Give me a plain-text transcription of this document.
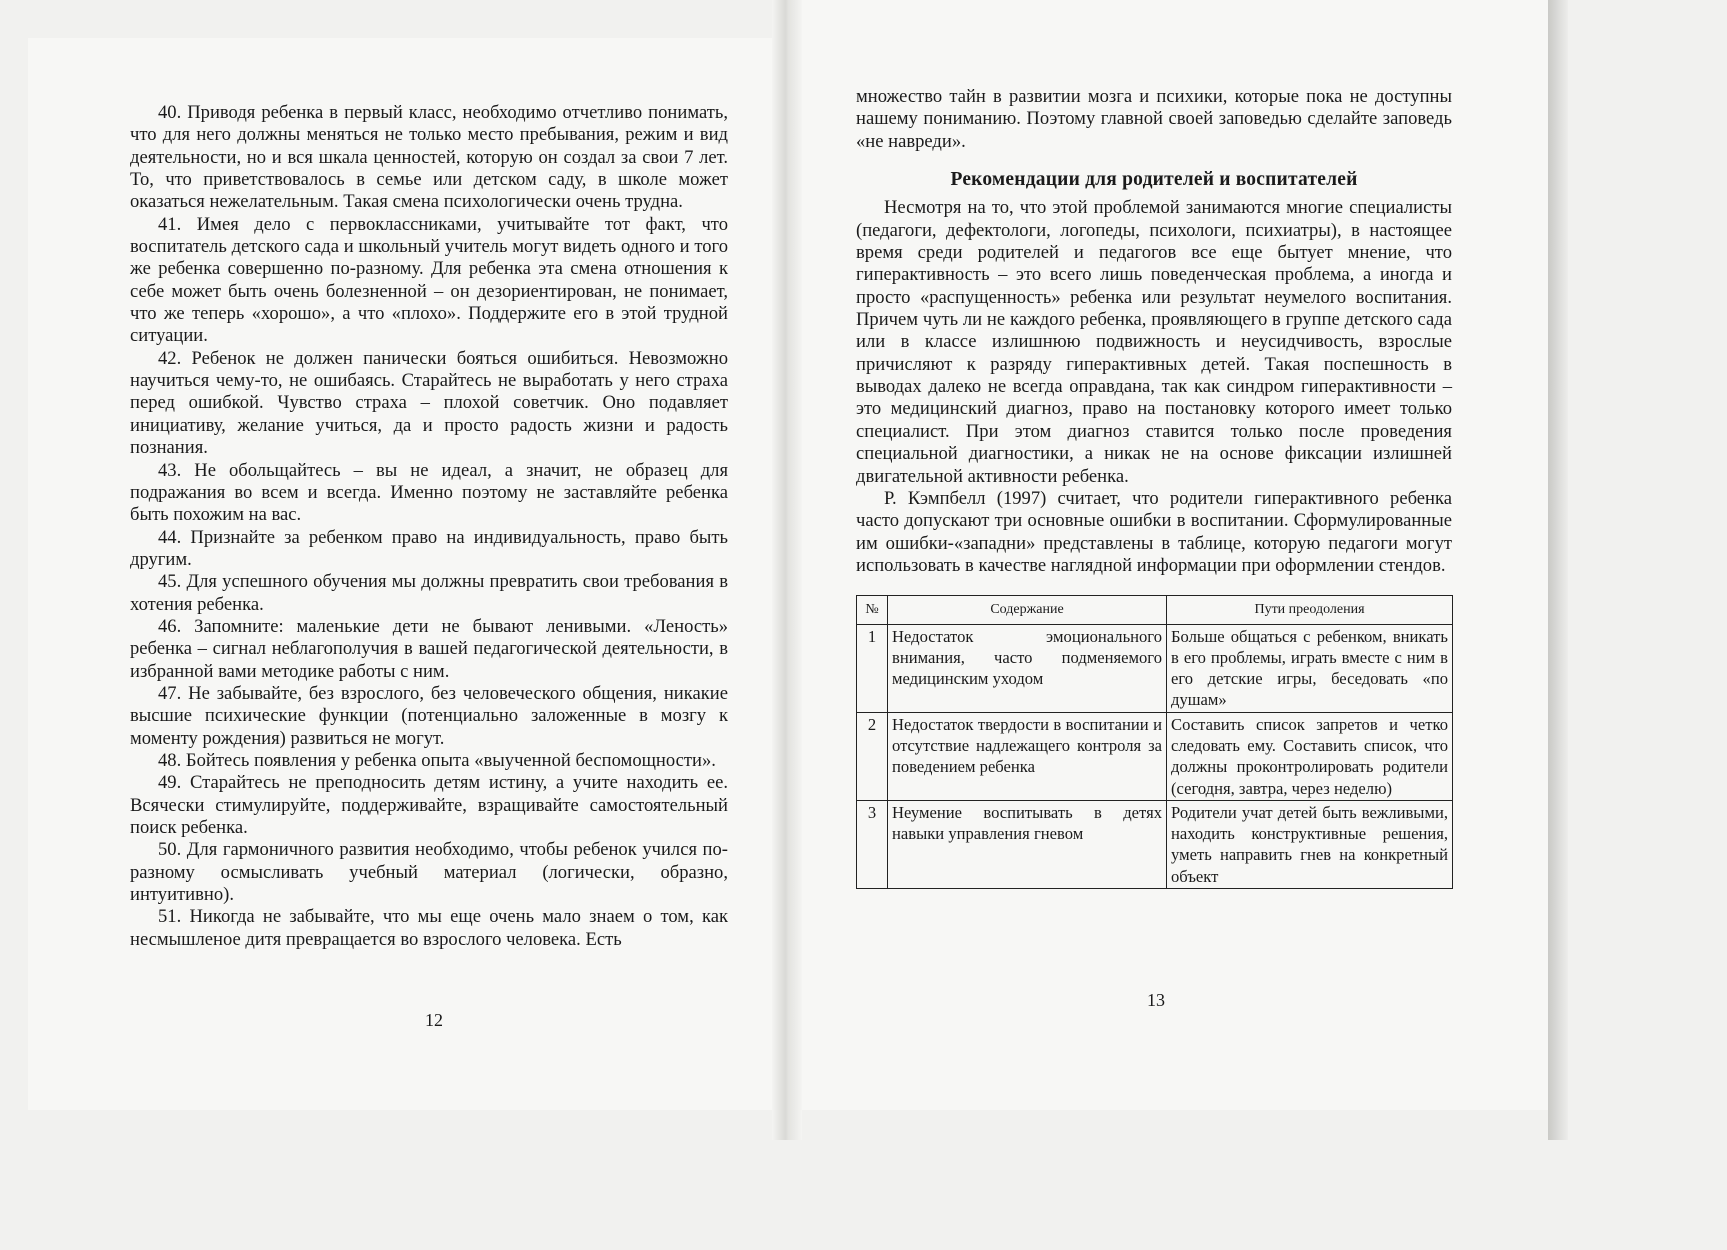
40. Приводя ребенка в первый класс, необходимо отчетливо понимать, что для него должны меняться не только место пребывания, режим и вид деятельности, но и вся шкала ценностей, которую он создал за свои 7 лет. То, что приветствовалось в семье или детском саду, в школе может оказаться нежелательным. Такая смена психологически очень трудна.

41. Имея дело с первоклассниками, учитывайте тот факт, что воспитатель детского сада и школьный учитель могут видеть одного и того же ребенка совершенно по-разному. Для ребенка эта смена отношения к себе может быть очень болезненной – он дезориентирован, не понимает, что же теперь «хорошо», а что «плохо». Поддержите его в этой трудной ситуации.

42. Ребенок не должен панически бояться ошибиться. Невозможно научиться чему-то, не ошибаясь. Старайтесь не выработать у него страха перед ошибкой. Чувство страха – плохой советчик. Оно подавляет инициативу, желание учиться, да и просто радость жизни и радость познания.

43. Не обольщайтесь – вы не идеал, а значит, не образец для подражания во всем и всегда. Именно поэтому не заставляйте ребенка быть похожим на вас.

44. Признайте за ребенком право на индивидуальность, право быть другим.

45. Для успешного обучения мы должны превратить свои требования в хотения ребенка.

46. Запомните: маленькие дети не бывают ленивыми. «Леность» ребенка – сигнал неблагополучия в вашей педагогической деятельности, в избранной вами методике работы с ним.

47. Не забывайте, без взрослого, без человеческого общения, никакие высшие психические функции (потенциально заложенные в мозгу к моменту рождения) развиться не могут.

48. Бойтесь появления у ребенка опыта «выученной беспомощности».

49. Старайтесь не преподносить детям истину, а учите находить ее. Всячески стимулируйте, поддерживайте, взращивайте самостоятельный поиск ребенка.

50. Для гармоничного развития необходимо, чтобы ребенок учился по-разному осмысливать учебный материал (логически, образно, интуитивно).

51. Никогда не забывайте, что мы еще очень мало знаем о том, как несмышленое дитя превращается во взрослого человека. Есть

12

множество тайн в развитии мозга и психики, которые пока не доступны нашему пониманию. Поэтому главной своей заповедью сделайте заповедь «не навреди».

Рекомендации для родителей и воспитателей

Несмотря на то, что этой проблемой занимаются многие специалисты (педагоги, дефектологи, логопеды, психологи, психиатры), в настоящее время среди родителей и педагогов все еще бытует мнение, что гиперактивность – это всего лишь поведенческая проблема, а иногда и просто «распущенность» ребенка или результат неумелого воспитания. Причем чуть ли не каждого ребенка, проявляющего в группе детского сада или в классе излишнюю подвижность и неусидчивость, взрослые причисляют к разряду гиперактивных детей. Такая поспешность в выводах далеко не всегда оправдана, так как синдром гиперактивности – это медицинский диагноз, право на постановку которого имеет только специалист. При этом диагноз ставится только после проведения специальной диагностики, а никак не на основе фиксации излишней двигательной активности ребенка.

Р. Кэмпбелл (1997) считает, что родители гиперактивного ребенка часто допускают три основные ошибки в воспитании. Сформулированные им ошибки-«западни» представлены в таблице, которую педагоги могут использовать в качестве наглядной информации при оформлении стендов.

№	Содержание	Пути преодоления
1	Недостаток эмоционального внимания, часто подменяемого медицинским уходом	Больше общаться с ребенком, вникать в его проблемы, играть вместе с ним в его детские игры, беседовать «по душам»
2	Недостаток твердости в воспитании и отсутствие надлежащего контроля за поведением ребенка	Составить список запретов и четко следовать ему. Составить список, что должны проконтролировать родители (сегодня, завтра, через неделю)
3	Неумение воспитывать в детях навыки управления гневом	Родители учат детей быть вежливыми, находить конструктивные решения, уметь направить гнев на конкретный объект
13
